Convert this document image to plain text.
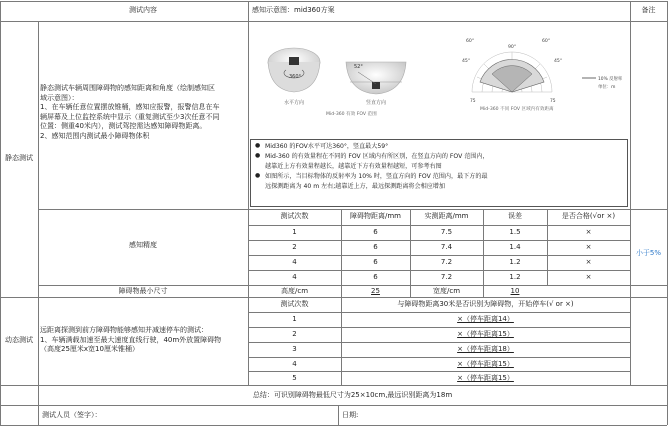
测试内容	感知示意图：mid360方案	备注
静态测试
静态测试车辆周围障碍物的感知距离和角度（绘制感知区
域示意图）：
1、在车辆任意位置摆放锥桶，感知应报警，报警信息在车
辆屏幕及上位监控系统中显示（重复测试至少3次任意不同
位置：侧重40米内），测试驾控需达感知障碍物距离。
2、感知范围内测试最小障碍物体积
360°
水平方向
52°
竖直方向
Mid-360 有效 FOV 范围
60°	60°
45°	45°
90°
75	75
10% 反射率
单位：m
Mid-360 不同 FOV 区域内有效距离
● Mid360 的FOV水平可达360°，竖直最大59°
● Mid-360 的有效量程在不同的 FOV 区域内有所区别，在竖直方向的 FOV 范围内，
越靠近上方有效量程越长，越靠近下方有效量程越短，可参考右图
● 如图所示，当目标物体的反射率为 10% 时，竖直方向的 FOV 范围内，最下方的最
远探测距离为 40 m 左右;越靠近上方，最远探测距离将会相应增加
感知精度
测试次数	障碍物距离/mm	实测距离/mm	误差	是否合格(√or ×)
1	6	7.5	1.5	×
2	6	7.4	1.4	×
4	6	7.2	1.2	×
4	6	7.2	1.2	×
小于5%
障碍物最小尺寸	高度/cm	25	宽度/cm	10
动态测试
远距离探测到前方障碍物能够感知并减速停车的测试：
1、车辆满载加速至最大速度直线行驶，40m外放置障碍物
（高度25厘米x宽10厘米锥桶）
测试次数	与障碍物距离30米是否识别为障碍物，开始停车(√ or ×)
1	×（停车距离14）
2	×（停车距离15）
3	×（停车距离18）
4	×（停车距离15）
5	×（停车距离15）
总结：可识别障碍物最低尺寸为25×10cm,最远识别距离为18m
测试人员（签字）：	日期:
